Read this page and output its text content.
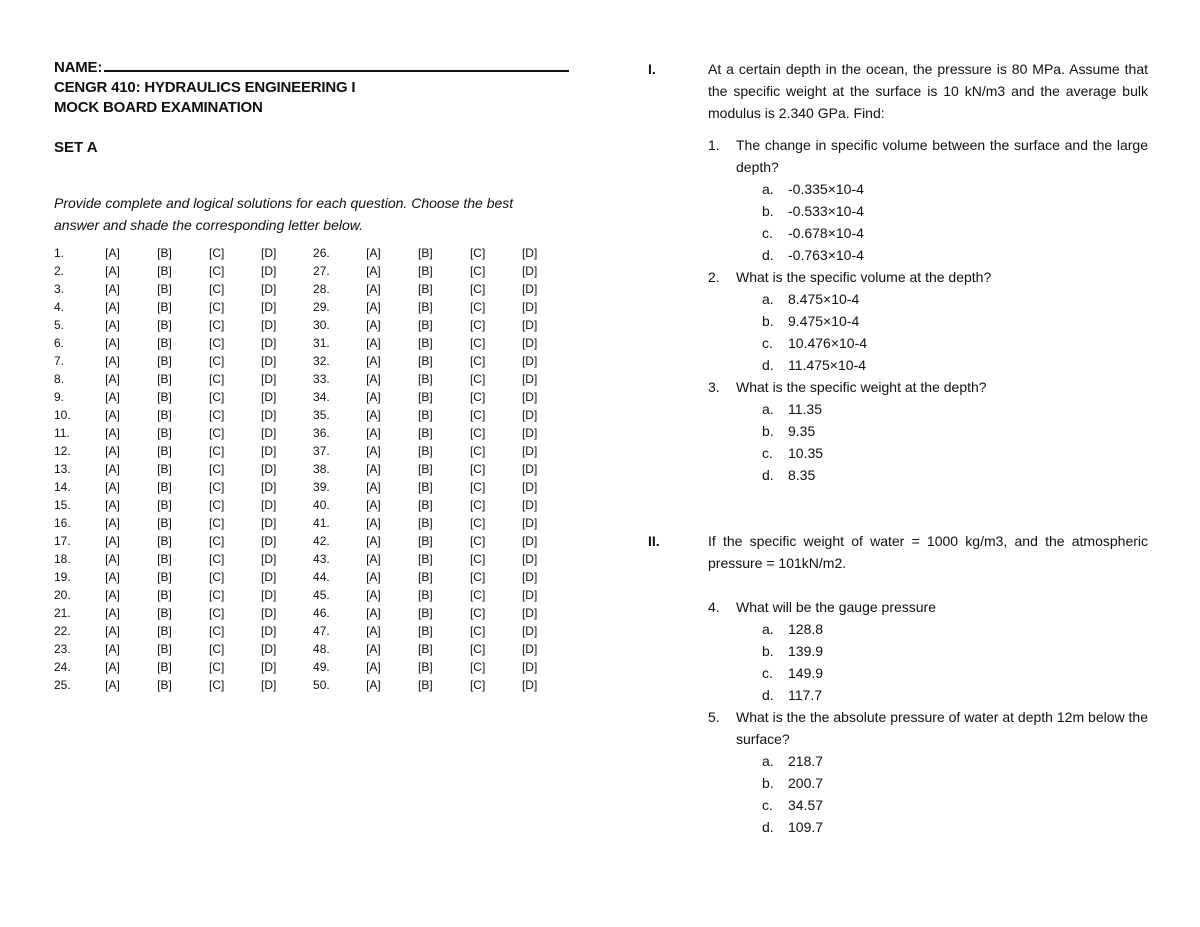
NAME:
CENGR 410: HYDRAULICS ENGINEERING I
MOCK BOARD EXAMINATION
SET A
Provide complete and logical solutions for each question. Choose the best answer and shade the corresponding letter below.
1.	[A]	[B]	[C]	[D]	26.	[A]	[B]	[C]	[D]
2.	[A]	[B]	[C]	[D]	27.	[A]	[B]	[C]	[D]
3.	[A]	[B]	[C]	[D]	28.	[A]	[B]	[C]	[D]
4.	[A]	[B]	[C]	[D]	29.	[A]	[B]	[C]	[D]
5.	[A]	[B]	[C]	[D]	30.	[A]	[B]	[C]	[D]
6.	[A]	[B]	[C]	[D]	31.	[A]	[B]	[C]	[D]
7.	[A]	[B]	[C]	[D]	32.	[A]	[B]	[C]	[D]
8.	[A]	[B]	[C]	[D]	33.	[A]	[B]	[C]	[D]
9.	[A]	[B]	[C]	[D]	34.	[A]	[B]	[C]	[D]
10.	[A]	[B]	[C]	[D]	35.	[A]	[B]	[C]	[D]
11.	[A]	[B]	[C]	[D]	36.	[A]	[B]	[C]	[D]
12.	[A]	[B]	[C]	[D]	37.	[A]	[B]	[C]	[D]
13.	[A]	[B]	[C]	[D]	38.	[A]	[B]	[C]	[D]
14.	[A]	[B]	[C]	[D]	39.	[A]	[B]	[C]	[D]
15.	[A]	[B]	[C]	[D]	40.	[A]	[B]	[C]	[D]
16.	[A]	[B]	[C]	[D]	41.	[A]	[B]	[C]	[D]
17.	[A]	[B]	[C]	[D]	42.	[A]	[B]	[C]	[D]
18.	[A]	[B]	[C]	[D]	43.	[A]	[B]	[C]	[D]
19.	[A]	[B]	[C]	[D]	44.	[A]	[B]	[C]	[D]
20.	[A]	[B]	[C]	[D]	45.	[A]	[B]	[C]	[D]
21.	[A]	[B]	[C]	[D]	46.	[A]	[B]	[C]	[D]
22.	[A]	[B]	[C]	[D]	47.	[A]	[B]	[C]	[D]
23.	[A]	[B]	[C]	[D]	48.	[A]	[B]	[C]	[D]
24.	[A]	[B]	[C]	[D]	49.	[A]	[B]	[C]	[D]
25.	[A]	[B]	[C]	[D]	50.	[A]	[B]	[C]	[D]
I.	At a certain depth in the ocean, the pressure is 80 MPa. Assume that the specific weight at the surface is 10 kN/m3 and the average bulk modulus is 2.340 GPa. Find:
1.	The change in specific volume between the surface and the large depth?
a.	-0.335×10-4
b.	-0.533×10-4
c.	-0.678×10-4
d.	-0.763×10-4
2.	What is the specific volume at the depth?
a.	8.475×10-4
b.	9.475×10-4
c.	10.476×10-4
d.	11.475×10-4
3.	What is the specific weight at the depth?
a.	11.35
b.	9.35
c.	10.35
d.	8.35
II.	If the specific weight of water = 1000 kg/m3, and the atmospheric pressure = 101kN/m2.
4.	What will be the gauge pressure
a.	128.8
b.	139.9
c.	149.9
d.	117.7
5.	What is the the absolute pressure of water at depth 12m below the surface?
a.	218.7
b.	200.7
c.	34.57
d.	109.7
